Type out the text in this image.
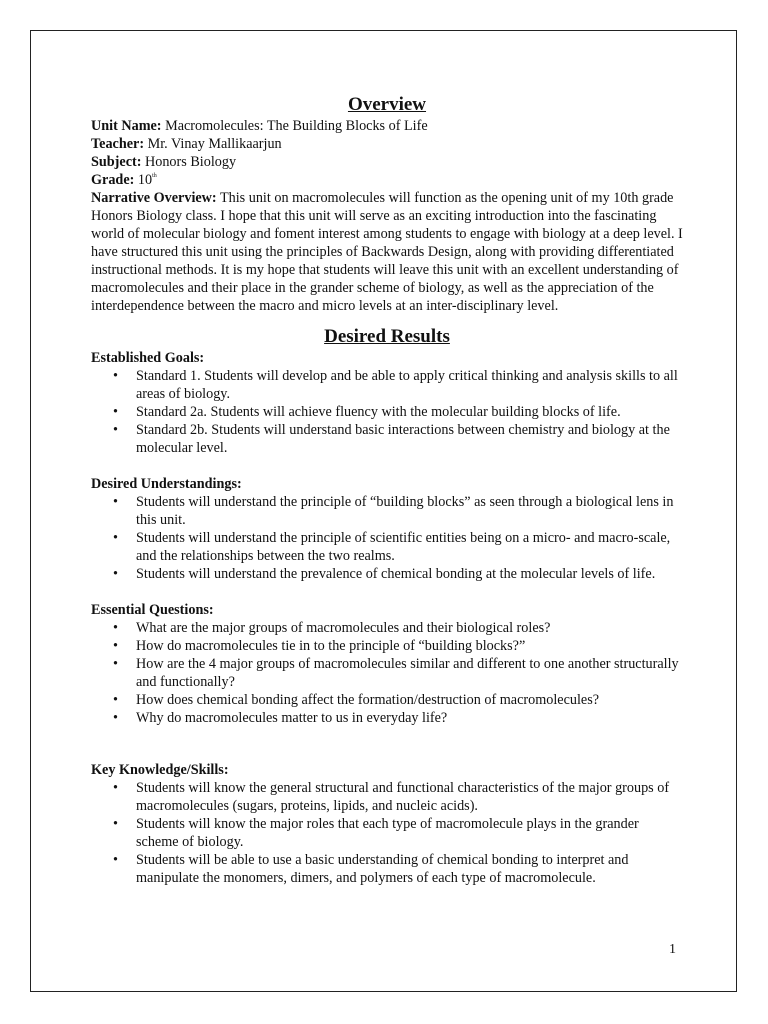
Overview

Unit Name: Macromolecules: The Building Blocks of Life

Teacher: Mr. Vinay Mallikaarjun

Subject: Honors Biology

Grade: 10th

Narrative Overview: This unit on macromolecules will function as the opening unit of my 10th grade Honors Biology class. I hope that this unit will serve as an exciting introduction into the fascinating world of molecular biology and foment interest among students to engage with biology at a deep level. I have structured this unit using the principles of Backwards Design, along with providing differentiated instructional methods. It is my hope that students will leave this unit with an excellent understanding of macromolecules and their place in the grander scheme of biology, as well as the appreciation of the interdependence between the macro and micro levels at an inter-disciplinary level.

Desired Results

Established Goals:

• Standard 1. Students will develop and be able to apply critical thinking and analysis skills to all areas of biology.
• Standard 2a. Students will achieve fluency with the molecular building blocks of life.
• Standard 2b. Students will understand basic interactions between chemistry and biology at the molecular level.

Desired Understandings:

• Students will understand the principle of “building blocks” as seen through a biological lens in this unit.
• Students will understand the principle of scientific entities being on a micro- and macro-scale, and the relationships between the two realms.
• Students will understand the prevalence of chemical bonding at the molecular levels of life.

Essential Questions:

• What are the major groups of macromolecules and their biological roles?
• How do macromolecules tie in to the principle of “building blocks?”
• How are the 4 major groups of macromolecules similar and different to one another structurally and functionally?
• How does chemical bonding affect the formation/destruction of macromolecules?
• Why do macromolecules matter to us in everyday life?

Key Knowledge/Skills:

• Students will know the general structural and functional characteristics of the major groups of macromolecules (sugars, proteins, lipids, and nucleic acids).
• Students will know the major roles that each type of macromolecule plays in the grander scheme of biology.
• Students will be able to use a basic understanding of chemical bonding to interpret and manipulate the monomers, dimers, and polymers of each type of macromolecule.
1
